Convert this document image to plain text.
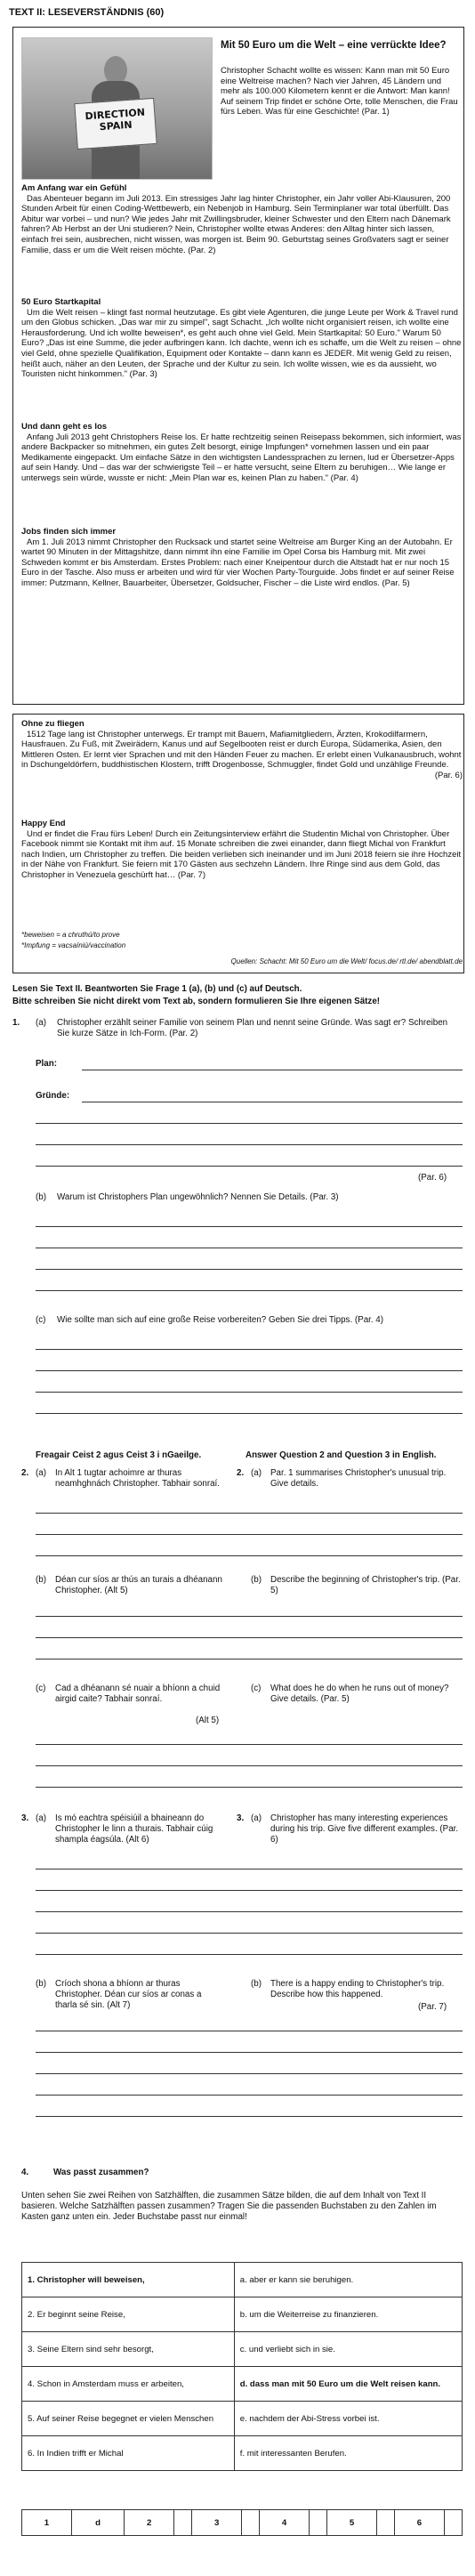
TEXT II: LESEVERSTÄNDNIS (60)
DIRECTION SPAIN
Mit 50 Euro um die Welt – eine verrückte Idee?
Christopher Schacht wollte es wissen: Kann man mit 50 Euro eine Weltreise machen? Nach vier Jahren, 45 Ländern und mehr als 100.000 Kilometern kennt er die Antwort: Man kann! Auf seinem Trip findet er schöne Orte, tolle Menschen, die Frau fürs Leben. Was für eine Geschichte! (Par. 1)
Am Anfang war ein Gefühl
Das Abenteuer begann im Juli 2013. Ein stressiges Jahr lag hinter Christopher, ein Jahr voller Abi-Klausuren, 200 Stunden Arbeit für einen Coding-Wettbewerb, ein Nebenjob in Hamburg. Sein Terminplaner war total überfüllt. Das Abitur war vorbei – und nun? Wie jedes Jahr mit Zwillingsbruder, kleiner Schwester und den Eltern nach Dänemark fahren? Ab Herbst an der Uni studieren? Nein, Christopher wollte etwas Anderes: den Alltag hinter sich lassen, einfach frei sein, ausbrechen, nicht wissen, was morgen ist. Beim 90. Geburtstag seines Großvaters sagt er seiner Familie, dass er um die Welt reisen möchte. (Par. 2)
50 Euro Startkapital
Um die Welt reisen – klingt fast normal heutzutage. Es gibt viele Agenturen, die junge Leute per Work & Travel rund um den Globus schicken. „Das war mir zu simpel", sagt Schacht. „Ich wollte nicht organisiert reisen, ich wollte eine Herausforderung. Und ich wollte beweisen*, es geht auch ohne viel Geld. Mein Startkapital: 50 Euro." Warum 50 Euro? „Das ist eine Summe, die jeder aufbringen kann. Ich dachte, wenn ich es schaffe, um die Welt zu reisen – ohne viel Geld, ohne spezielle Qualifikation, Equipment oder Kontakte – dann kann es JEDER. Mit wenig Geld zu reisen, heißt auch, näher an den Leuten, der Sprache und der Kultur zu sein. Ich wollte wissen, wie es da aussieht, wo Touristen nicht hinkommen." (Par. 3)
Und dann geht es los
Anfang Juli 2013 geht Christophers Reise los. Er hatte rechtzeitig seinen Reisepass bekommen, sich informiert, was andere Backpacker so mitnehmen, ein gutes Zelt besorgt, einige Impfungen* vornehmen lassen und ein paar Medikamente eingepackt. Um einfache Sätze in den wichtigsten Landessprachen zu lernen, lud er Übersetzer-Apps auf sein Handy. Und – das war der schwierigste Teil – er hatte versucht, seine Eltern zu beruhigen… Wie lange er unterwegs sein würde, wusste er nicht: „Mein Plan war es, keinen Plan zu haben." (Par. 4)
Jobs finden sich immer
Am 1. Juli 2013 nimmt Christopher den Rucksack und startet seine Weltreise am Burger King an der Autobahn. Er wartet 90 Minuten in der Mittagshitze, dann nimmt ihn eine Familie im Opel Corsa bis Hamburg mit. Mit zwei Schweden kommt er bis Amsterdam. Erstes Problem: nach einer Kneipentour durch die Altstadt hat er nur noch 15 Euro in der Tasche. Also muss er arbeiten und wird für vier Wochen Party-Tourguide. Jobs findet er auf seiner Reise immer: Putzmann, Kellner, Bauarbeiter, Übersetzer, Goldsucher, Fischer – die Liste wird endlos. (Par. 5)
Ohne zu fliegen
1512 Tage lang ist Christopher unterwegs. Er trampt mit Bauern, Mafiamitgliedern, Ärzten, Krokodilfarmern, Hausfrauen. Zu Fuß, mit Zweirädern, Kanus und auf Segelbooten reist er durch Europa, Südamerika, Asien, den Mittleren Osten. Er lernt vier Sprachen und mit den Händen Feuer zu machen. Er erlebt einen Vulkanausbruch, wohnt in Dschungeldörfern, buddhistischen Klostern, trifft Drogenbosse, Schmuggler, findet Gold und unzählige Freunde.
(Par. 6)
Happy End
Und er findet die Frau fürs Leben! Durch ein Zeitungsinterview erfährt die Studentin Michal von Christopher. Über Facebook nimmt sie Kontakt mit ihm auf. 15 Monate schreiben die zwei einander, dann fliegt Michal von Frankfurt nach Indien, um Christopher zu treffen. Die beiden verlieben sich ineinander und im Juni 2018 feiern sie ihre Hochzeit in der Nähe von Frankfurt. Sie feiern mit 170 Gästen aus sechzehn Ländern. Ihre Ringe sind aus dem Gold, das Christopher in Venezuela geschürft hat… (Par. 7)
*beweisen = a chruthú/to prove
*Impfung = vacsaíniú/vaccination
Quellen: Schacht: Mit 50 Euro um die Welt/ focus.de/ rtl.de/ abendblatt.de
Lesen Sie Text II. Beantworten Sie Frage 1 (a), (b) und (c) auf Deutsch.
Bitte schreiben Sie nicht direkt vom Text ab, sondern formulieren Sie Ihre eigenen Sätze!
1. (a) Christopher erzählt seiner Familie von seinem Plan und nennt seine Gründe. Was sagt er? Schreiben Sie kurze Sätze in Ich-Form. (Par. 2)
Plan:
Gründe:
(Par. 6)
(b) Warum ist Christophers Plan ungewöhnlich? Nennen Sie Details. (Par. 3)
(c) Wie sollte man sich auf eine große Reise vorbereiten? Geben Sie drei Tipps. (Par. 4)
Freagair Ceist 2 agus Ceist 3 i nGaeilge.	Answer Question 2 and Question 3 in English.
2. (a) In Alt 1 tugtar achoimre ar thuras neamhghnách Christopher. Tabhair sonraí.
2. (a) Par. 1 summarises Christopher's unusual trip. Give details.
(b) Déan cur síos ar thús an turais a dhéanann Christopher. (Alt 5)
(b) Describe the beginning of Christopher's trip. (Par. 5)
(c) Cad a dhéanann sé nuair a bhíonn a chuid airgid caite? Tabhair sonraí.
(Alt 5)
(c) What does he do when he runs out of money? Give details. (Par. 5)
3. (a) Is mó eachtra spéisiúil a bhaineann do Christopher le linn a thurais. Tabhair cúig shampla éagsúla. (Alt 6)
3. (a) Christopher has many interesting experiences during his trip. Give five different examples. (Par. 6)
(b) Críoch shona a bhíonn ar thuras Christopher. Déan cur síos ar conas a tharla sé sin. (Alt 7)
(b) There is a happy ending to Christopher's trip. Describe how this happened.
(Par. 7)
4.	Was passt zusammen?
Unten sehen Sie zwei Reihen von Satzhälften, die zusammen Sätze bilden, die auf dem Inhalt von Text II basieren. Welche Satzhälften passen zusammen? Tragen Sie die passenden Buchstaben zu den Zahlen im Kasten ganz unten ein. Jeder Buchstabe passt nur einmal!
1. Christopher will beweisen,	a. aber er kann sie beruhigen.
2. Er beginnt seine Reise,	b. um die Weiterreise zu finanzieren.
3. Seine Eltern sind sehr besorgt,	c. und verliebt sich in sie.
4. Schon in Amsterdam muss er arbeiten,	d. dass man mit 50 Euro um die Welt reisen kann.
5. Auf seiner Reise begegnet er vielen Menschen	e. nachdem der Abi-Stress vorbei ist.
6. In Indien trifft er Michal	f. mit interessanten Berufen.
1	d	2		3		4		5		6	
